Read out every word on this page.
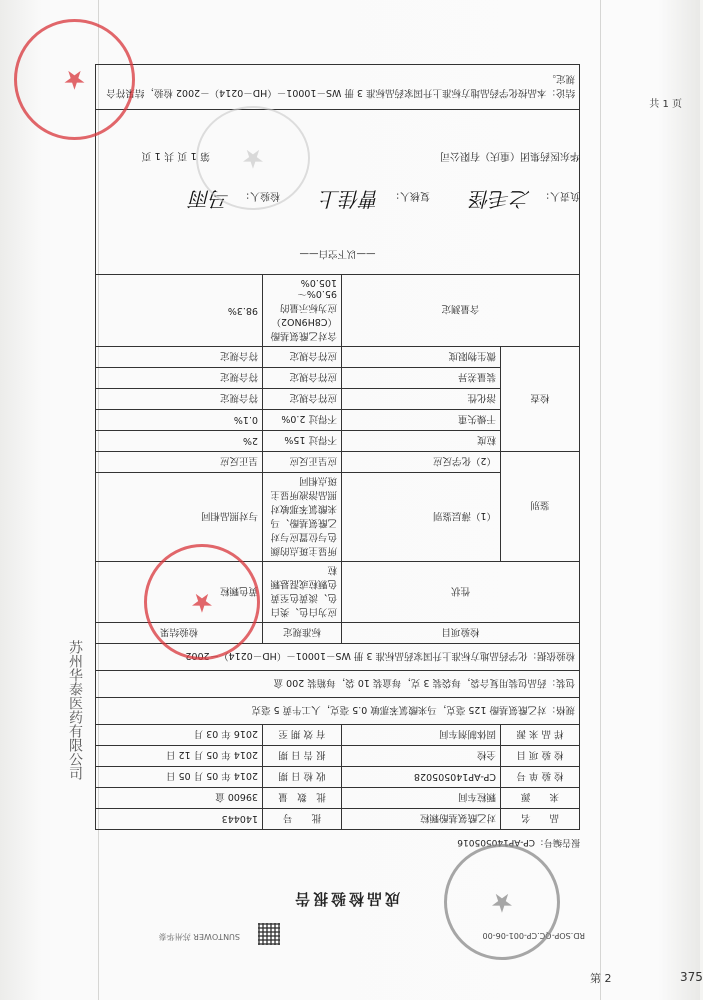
RD.SOP-QC.CP-001-06-00
SUNTOWER 苏州华泰
成品检验报告
报告编号：CP-AP140505016
品　　名	对乙酰氨基酚颗粒	批　　号	140443
来　　源	颗粒车间	批　数　量	39600 盒
检 验 单 号	CP-AP140505028	收 检 日 期	2014 年 05 月 05 日
检 验 项 目	全检	报 告 日 期	2014 年 05 月 12 日
样 品 来 源	固体制剂车间	有 效 期 至	2016 年 03 月
规格：对乙酰氨基酚 125 毫克，马来酸氯苯那敏 0.5 毫克，人工牛黄 5 毫克			
包装：药品包装用复合袋，每袋装 3 克，每盒装 10 袋，每箱装 200 盒			
检验依据：化学药品地方标准上升国家药品标准 3 册 WS－10001－（HD－0214）－2002			
检验项目		标准规定	检验结果
性状		应为白色、类白色、淡黄色至黄色颗粒或混悬颗粒	黄色颗粒
鉴别	（1）薄层鉴别	所显主斑点的颜色与位置应与对乙酰氨基酚、马来酸氯苯那敏对照品溶液所显主斑点相同	与对照品相同
	（2）化学反应	应呈正反应	呈正反应
检查	粒度	不得过 15%	2%
	干燥失重	不得过 2.0%	0.1%
	溶化性	应符合规定	符合规定
	装量差异	应符合规定	符合规定
	微生物限度	应符合规定	符合规定
含量测定		含对乙酰氨基酚（C8H9NO2）应为标示量的 95.0%～105.0%	98.3%
——以下空白——			
结论：本品按化学药品地方标准上升国家药品标准 3 册 WS－10001－（HD－0214）－2002 检验，结果符合规定。			
负责人：
之毛怪
复核人：
曹佳上
检验人：
马雨
华东医药集团（重庆）有限公司
第 1 页 共 1 页
★
★
★
★
共 1 页
苏州华泰医药有限公司
375
第 2
